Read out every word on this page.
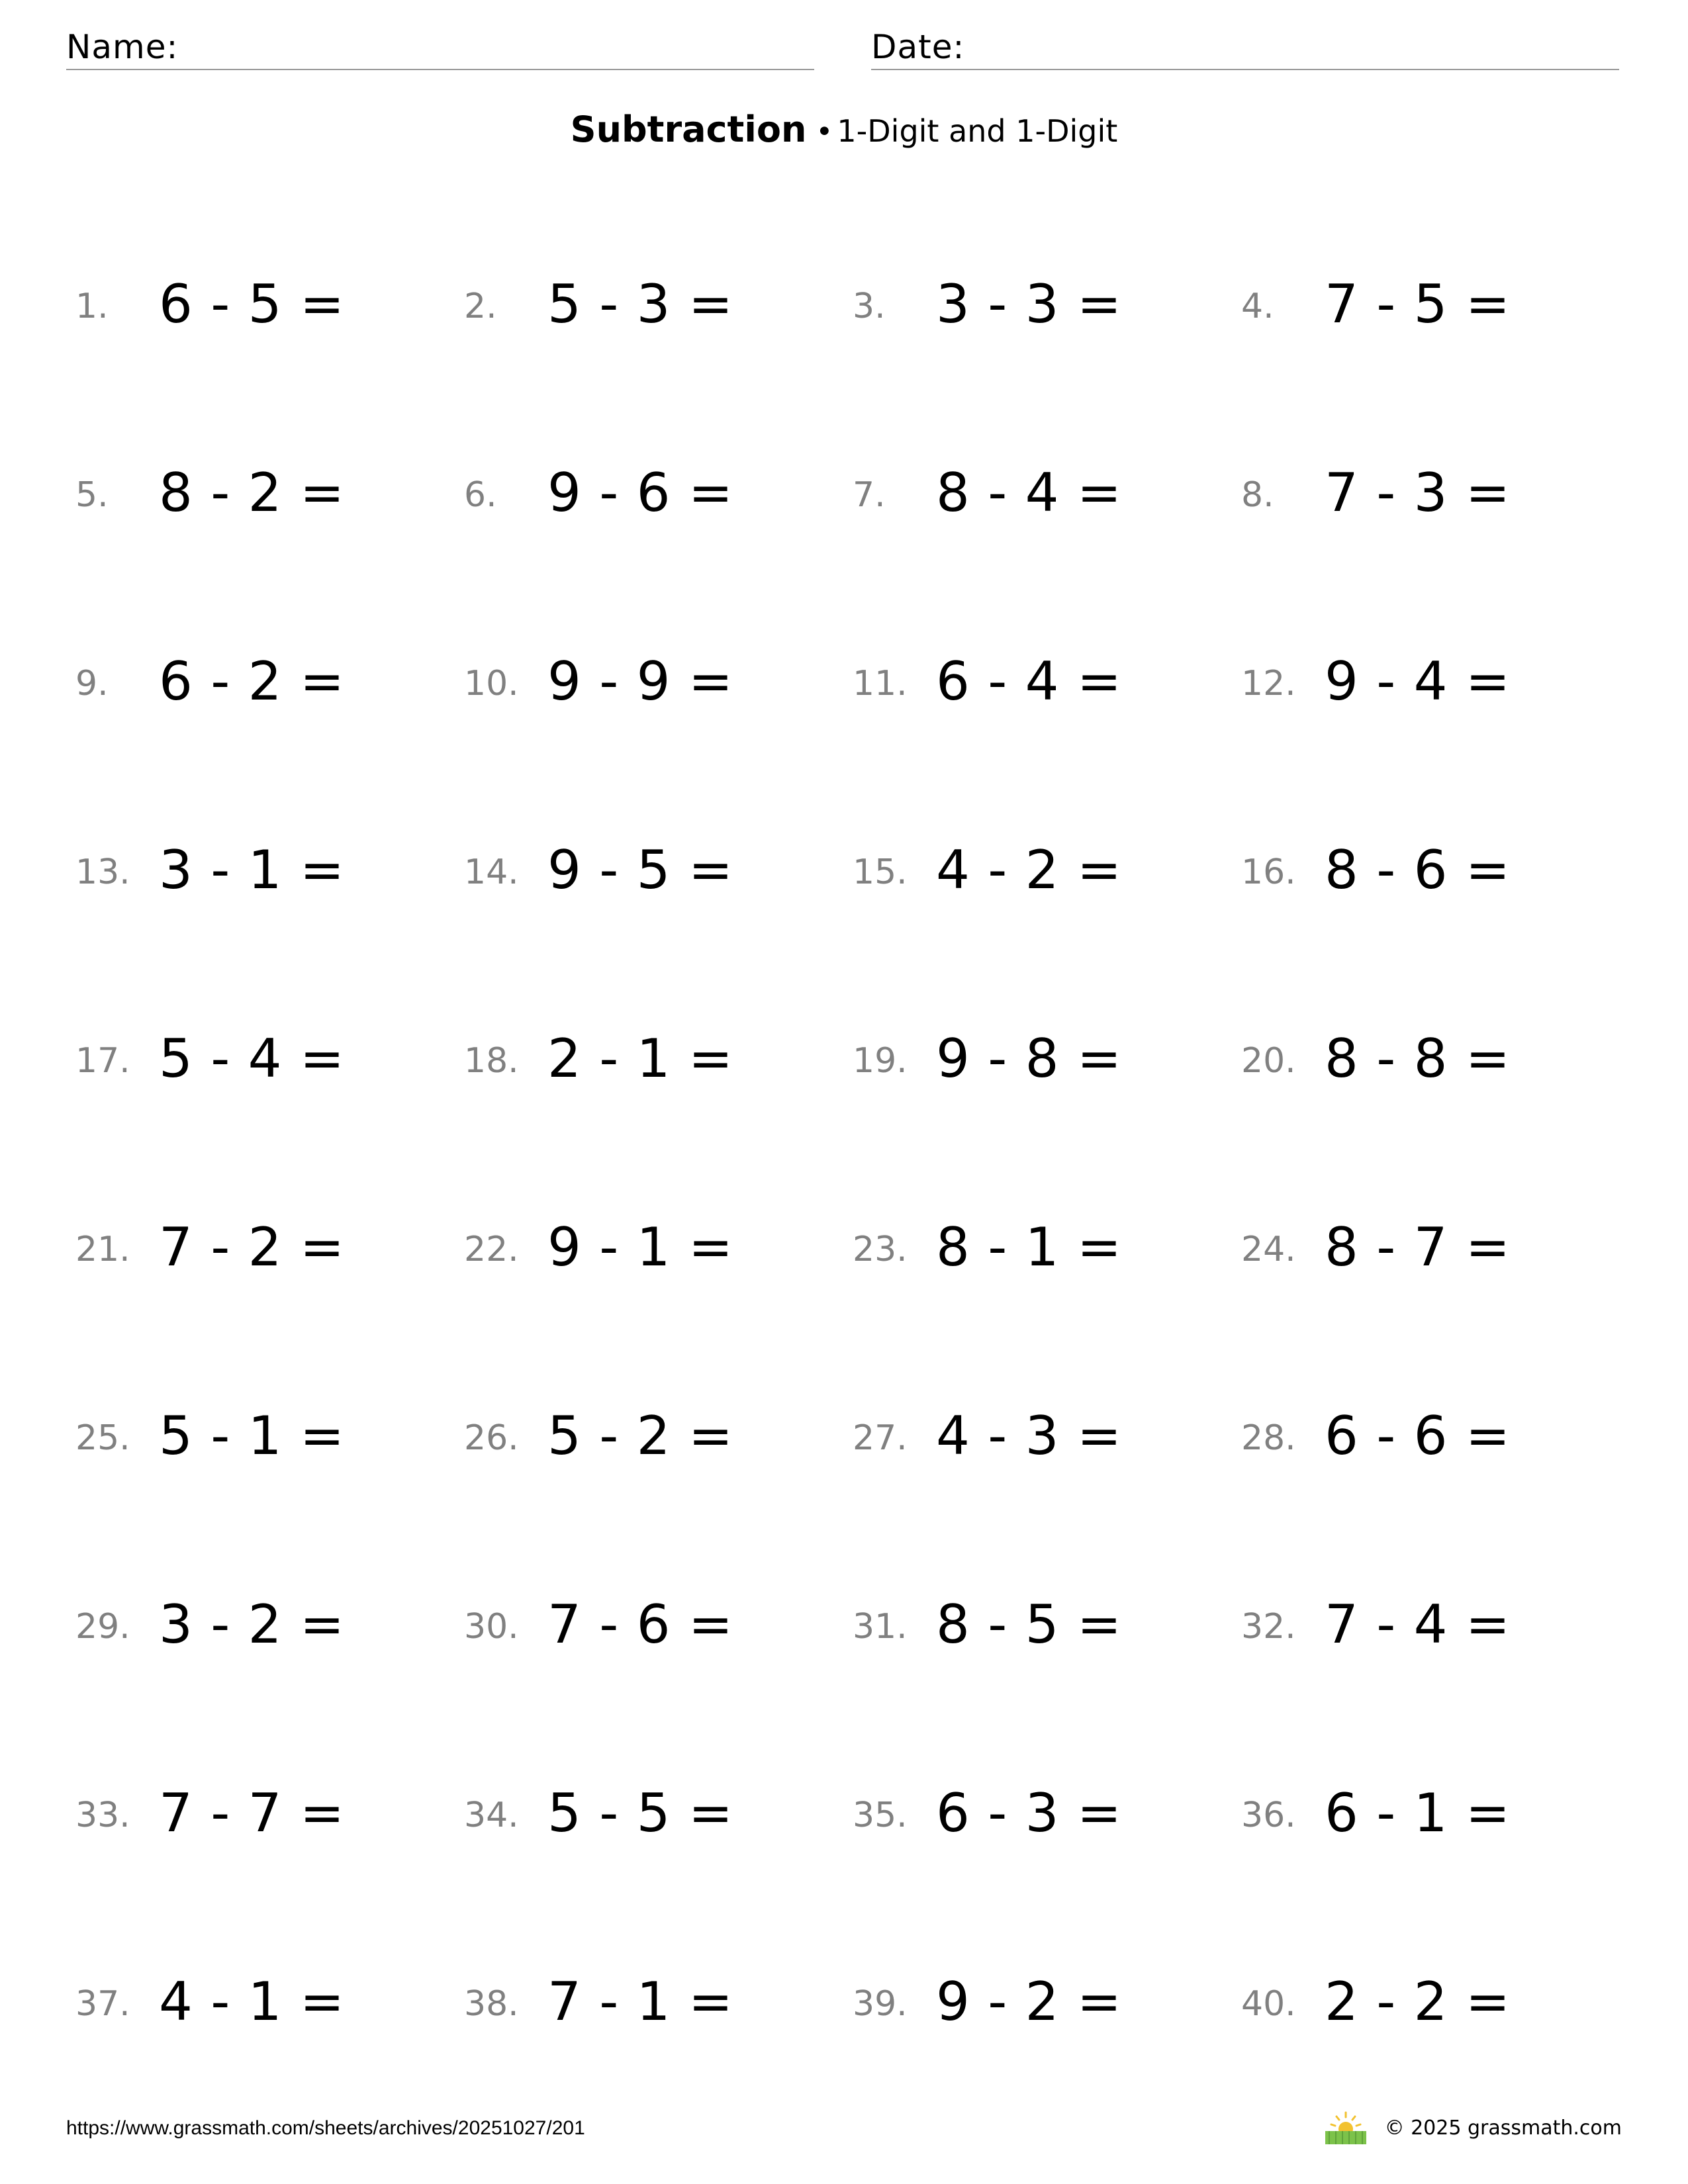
Name:	Date:
Subtraction • 1-Digit and 1-Digit
1. 6 - 5 =	2. 5 - 3 =	3. 3 - 3 =	4. 7 - 5 =
5. 8 - 2 =	6. 9 - 6 =	7. 8 - 4 =	8. 7 - 3 =
9. 6 - 2 =	10. 9 - 9 =	11. 6 - 4 =	12. 9 - 4 =
13. 3 - 1 =	14. 9 - 5 =	15. 4 - 2 =	16. 8 - 6 =
17. 5 - 4 =	18. 2 - 1 =	19. 9 - 8 =	20. 8 - 8 =
21. 7 - 2 =	22. 9 - 1 =	23. 8 - 1 =	24. 8 - 7 =
25. 5 - 1 =	26. 5 - 2 =	27. 4 - 3 =	28. 6 - 6 =
29. 3 - 2 =	30. 7 - 6 =	31. 8 - 5 =	32. 7 - 4 =
33. 7 - 7 =	34. 5 - 5 =	35. 6 - 3 =	36. 6 - 1 =
37. 4 - 1 =	38. 7 - 1 =	39. 9 - 2 =	40. 2 - 2 =
https://www.grassmath.com/sheets/archives/20251027/201	© 2025 grassmath.com
